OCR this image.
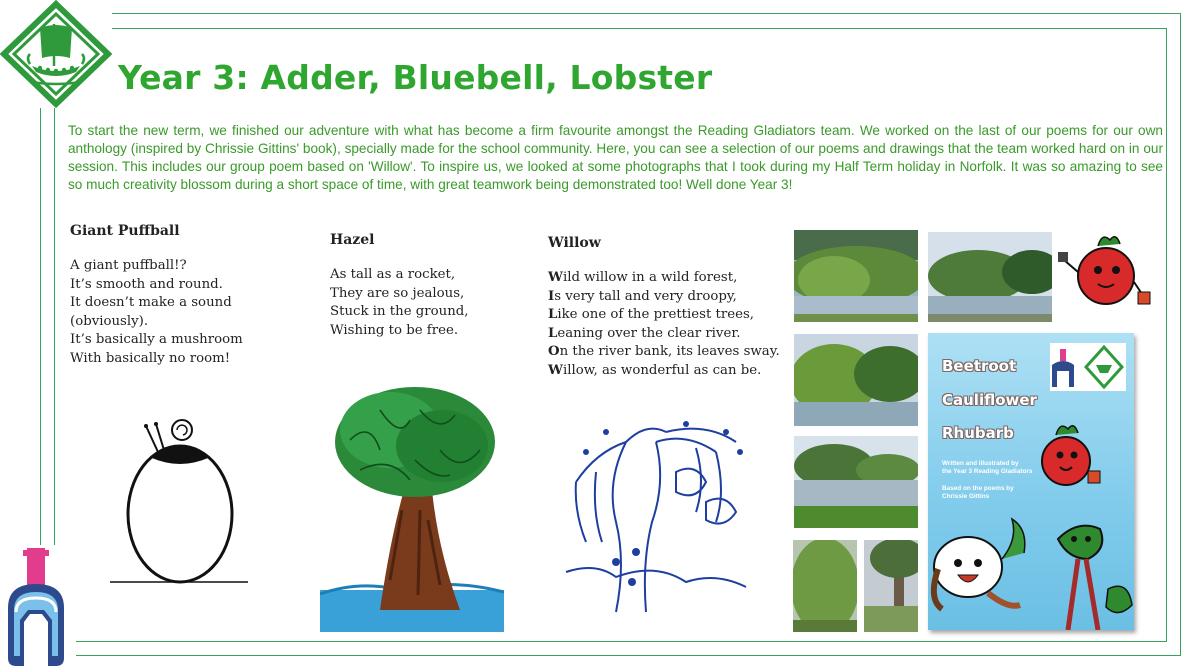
Year 3: Adder, Bluebell, Lobster

To start the new term, we finished our adventure with what has become a firm favourite amongst the Reading Gladiators team. We worked on the last of our poems for our own anthology (inspired by Chrissie Gittins' book), specially made for the school community. Here, you can see a selection of our poems and drawings that the team worked hard on in our session. This includes our group poem based on 'Willow'. To inspire us, we looked at some photographs that I took during my Half Term holiday in Norfolk. It was so amazing to see so much creativity blossom during a short space of time, with great teamwork being demonstrated too! Well done Year 3!

Giant Puffball
A giant puffball!?
It’s smooth and round.
It doesn’t make a sound
(obviously).
It’s basically a mushroom
With basically no room!
Hazel
As tall as a rocket,
They are so jealous,
Stuck in the ground,
Wishing to be free.
Willow
Wild willow in a wild forest,
Is very tall and very droopy,
Like one of the prettiest trees,
Leaning over the clear river.
On the river bank, its leaves sway.
Willow, as wonderful as can be.	Beetroot
Cauliflower
Rhubarb
Written and illustrated by
the Year 3 Reading Gladiators
Based on the poems by
Chrissie Gittins
